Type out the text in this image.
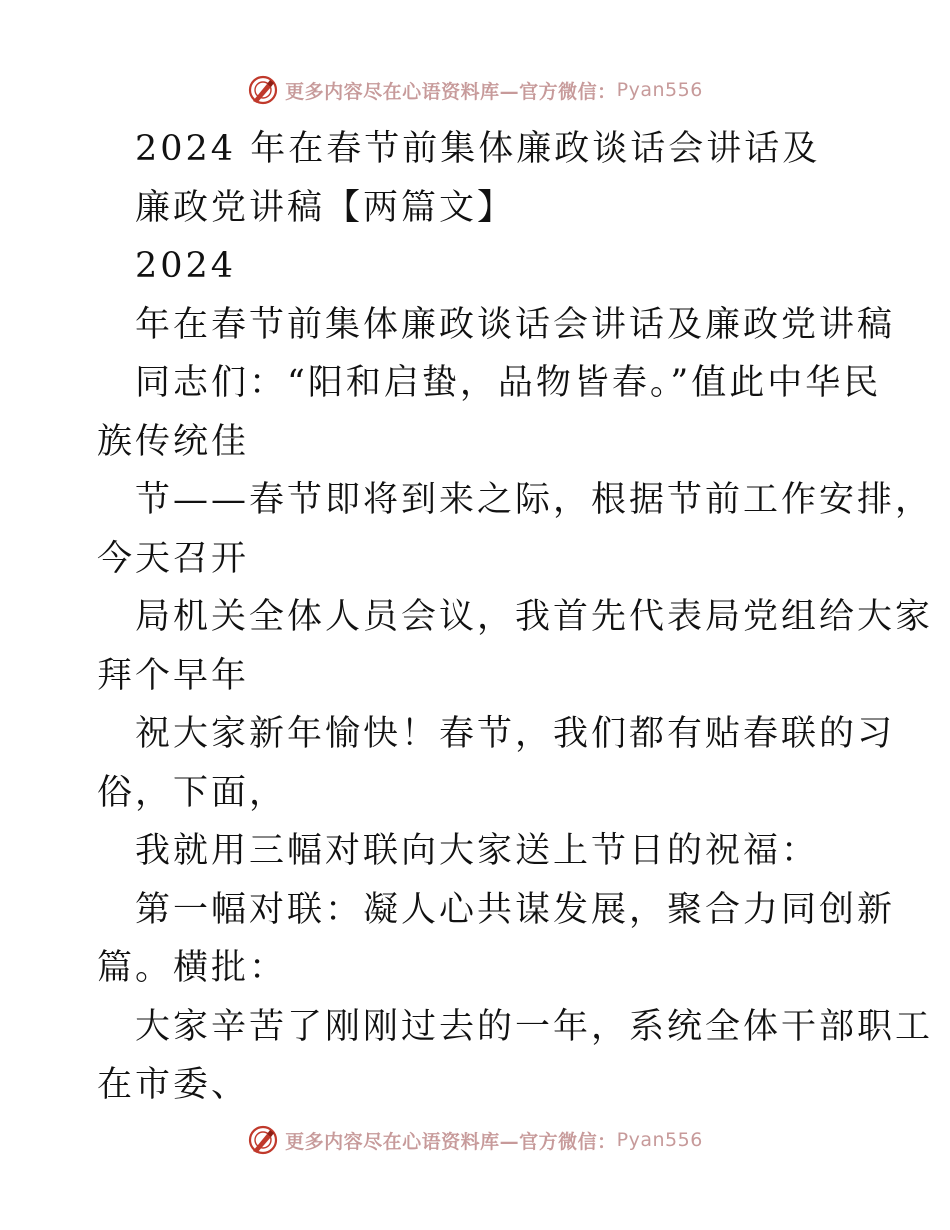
更多内容尽在心语资料库—官方微信： Pyan556
2024 年在春节前集体廉政谈话会讲话及
廉政党讲稿【两篇文】
2024
年在春节前集体廉政谈话会讲话及廉政党讲稿
同志们：“阳和启蛰，品物皆春。”值此中华民
族传统佳
节——春节即将到来之际，根据节前工作安排，
今天召开
局机关全体人员会议，我首先代表局党组给大家
拜个早年
祝大家新年愉快！春节，我们都有贴春联的习
俗，下面，
我就用三幅对联向大家送上节日的祝福：
第一幅对联：凝人心共谋发展，聚合力同创新
篇。横批：
大家辛苦了刚刚过去的一年，系统全体干部职工
在市委、
更多内容尽在心语资料库—官方微信： Pyan556
